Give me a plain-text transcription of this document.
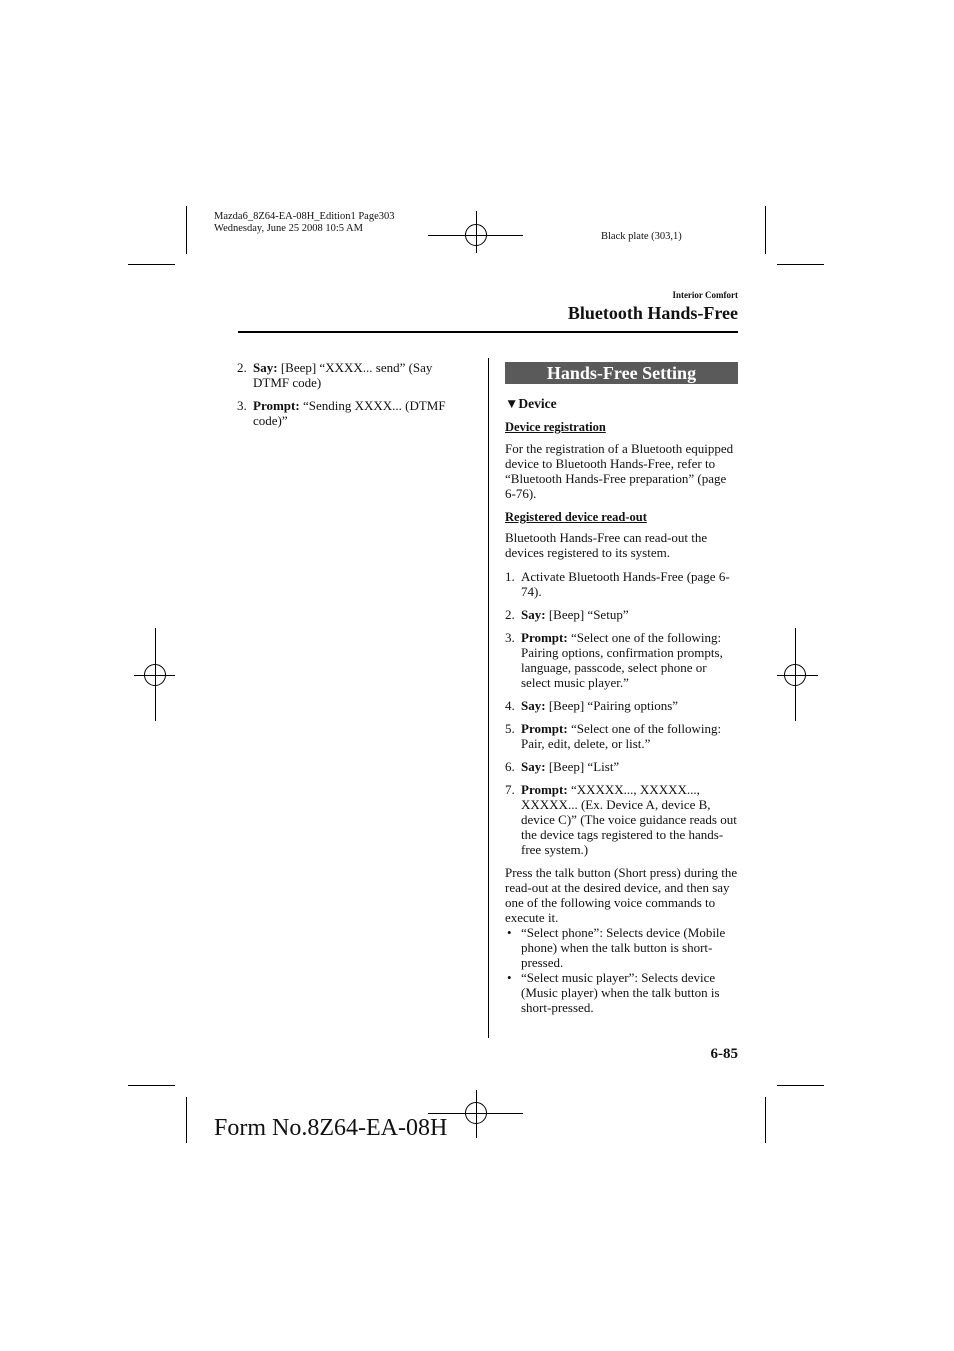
Mazda6_8Z64-EA-08H_Edition1 Page303
Wednesday, June 25 2008 10:5 AM
Black plate (303,1)
Interior Comfort
Bluetooth Hands-Free
2. Say: [Beep] “XXXX... send” (Say DTMF code)
3. Prompt: “Sending XXXX... (DTMF code)”
Hands-Free Setting
▼Device
Device registration
For the registration of a Bluetooth equipped device to Bluetooth Hands-Free, refer to “Bluetooth Hands-Free preparation” (page 6-76).
Registered device read-out
Bluetooth Hands-Free can read-out the devices registered to its system.
1. Activate Bluetooth Hands-Free (page 6-74).
2. Say: [Beep] “Setup”
3. Prompt: “Select one of the following: Pairing options, confirmation prompts, language, passcode, select phone or select music player.”
4. Say: [Beep] “Pairing options”
5. Prompt: “Select one of the following: Pair, edit, delete, or list.”
6. Say: [Beep] “List”
7. Prompt: “XXXXX..., XXXXX..., XXXXX... (Ex. Device A, device B, device C)” (The voice guidance reads out the device tags registered to the hands-free system.)
Press the talk button (Short press) during the read-out at the desired device, and then say one of the following voice commands to execute it.
• “Select phone”: Selects device (Mobile phone) when the talk button is short-pressed.
• “Select music player”: Selects device (Music player) when the talk button is short-pressed.
6-85
Form No.8Z64-EA-08H
